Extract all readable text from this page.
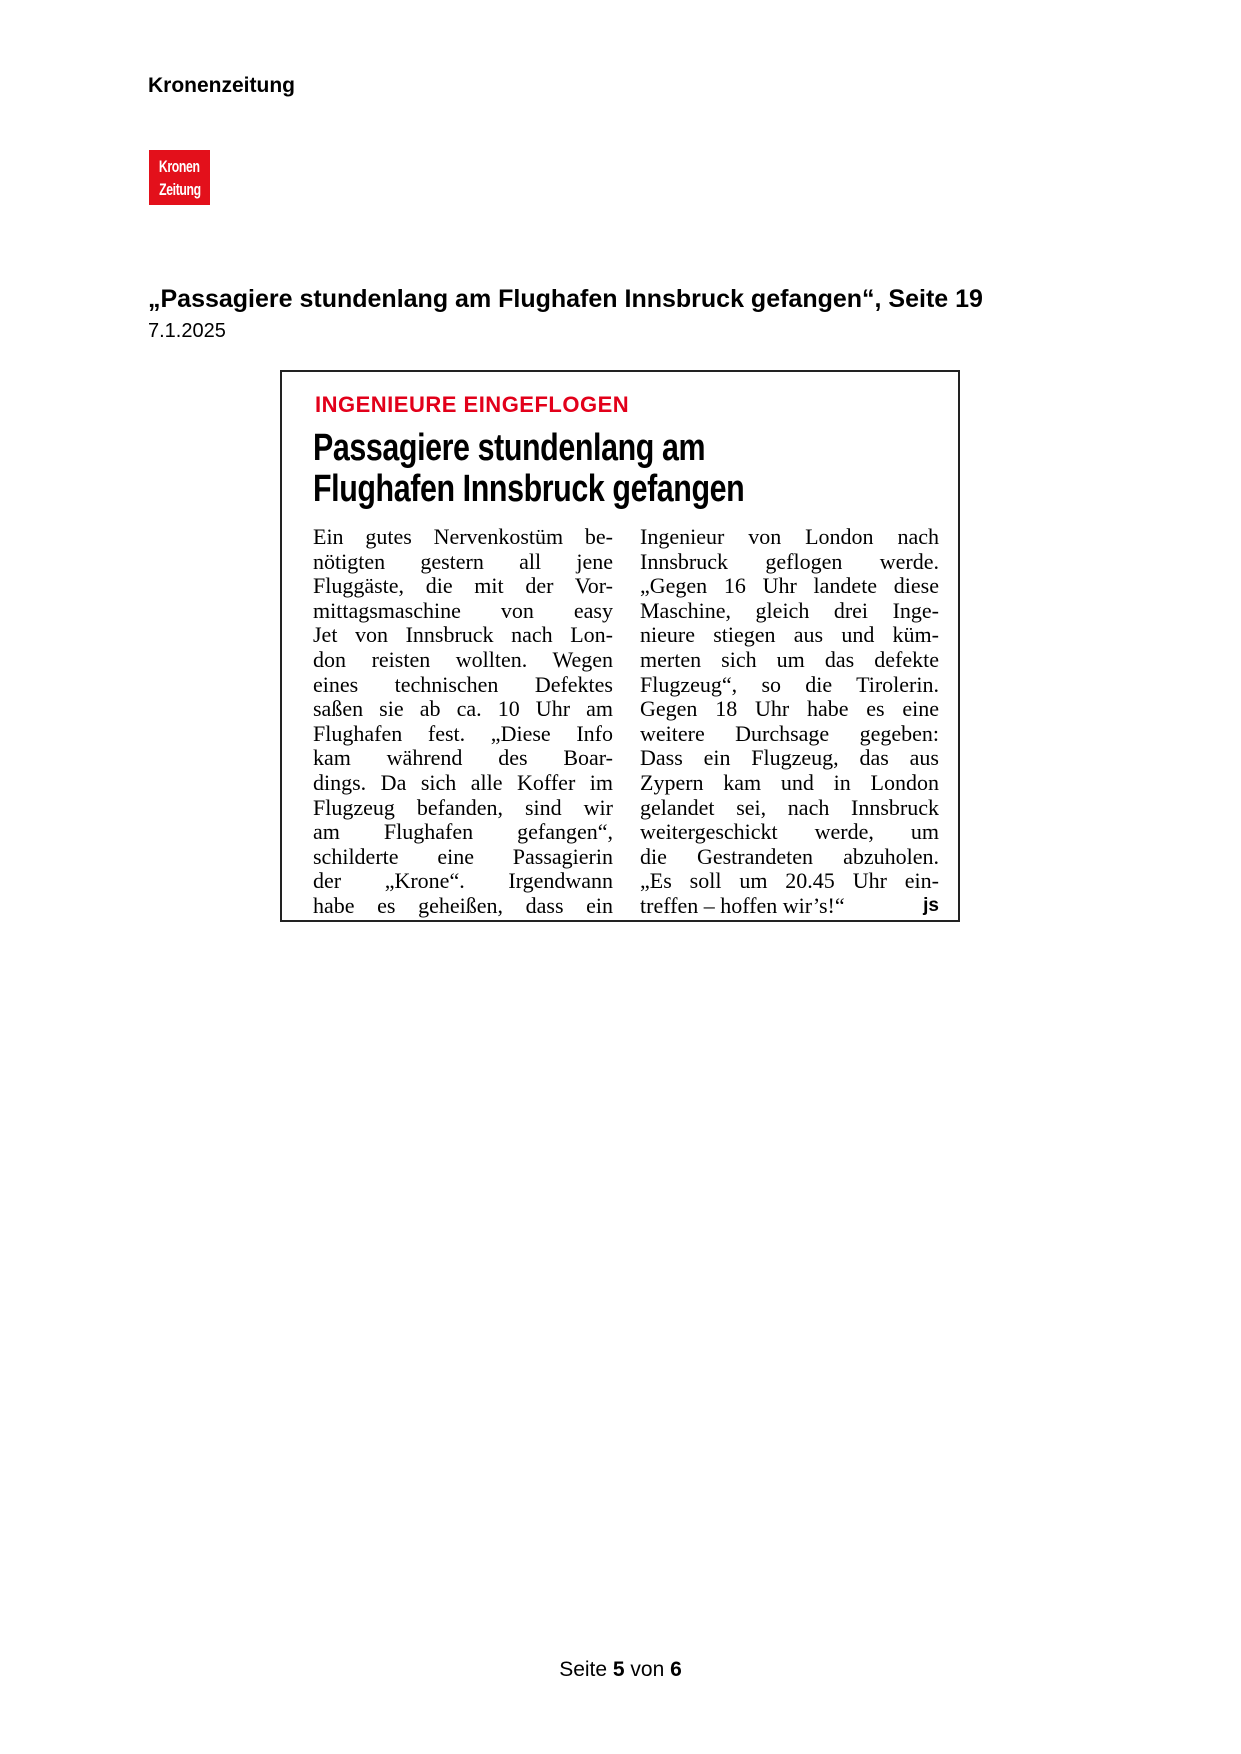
Kronenzeitung
Kronen
Zeitung
„Passagiere stundenlang am Flughafen Innsbruck gefangen“, Seite 19
7.1.2025
INGENIEURE EINGEFLOGEN
Passagiere stundenlang am
Flughafen Innsbruck gefangen
Ein gutes Nervenkostüm be-
nötigten gestern all jene
Fluggäste, die mit der Vor-
mittagsmaschine von easy
Jet von Innsbruck nach Lon-
don reisten wollten. Wegen
eines technischen Defektes
saßen sie ab ca. 10 Uhr am
Flughafen fest. „Diese Info
kam während des Boar-
dings. Da sich alle Koffer im
Flugzeug befanden, sind wir
am Flughafen gefangen“,
schilderte eine Passagierin
der „Krone“. Irgendwann
habe es geheißen, dass ein
Ingenieur von London nach
Innsbruck geflogen werde.
„Gegen 16 Uhr landete diese
Maschine, gleich drei Inge-
nieure stiegen aus und küm-
merten sich um das defekte
Flugzeug“, so die Tirolerin.
Gegen 18 Uhr habe es eine
weitere Durchsage gegeben:
Dass ein Flugzeug, das aus
Zypern kam und in London
gelandet sei, nach Innsbruck
weitergeschickt werde, um
die Gestrandeten abzuholen.
„Es soll um 20.45 Uhr ein-
treffen – hoffen wir’s!“	js
Seite 5 von 6
